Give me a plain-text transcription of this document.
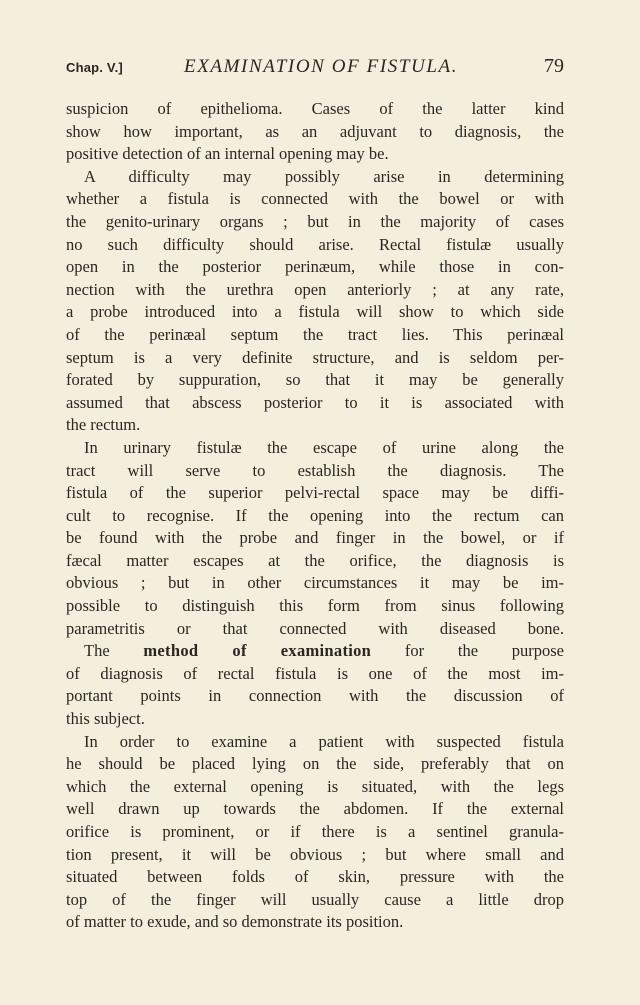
Chap. V.]	EXAMINATION OF FISTULA.	79
suspicion of epithelioma. Cases of the latter kind
show how important, as an adjuvant to diagnosis, the
positive detection of an internal opening may be.
A difficulty may possibly arise in determining
whether a fistula is connected with the bowel or with
the genito-urinary organs ; but in the majority of cases
no such difficulty should arise. Rectal fistulæ usually
open in the posterior perinæum, while those in con-
nection with the urethra open anteriorly ; at any rate,
a probe introduced into a fistula will show to which side
of the perinæal septum the tract lies. This perinæal
septum is a very definite structure, and is seldom per-
forated by suppuration, so that it may be generally
assumed that abscess posterior to it is associated with
the rectum.
In urinary fistulæ the escape of urine along the
tract will serve to establish the diagnosis. The
fistula of the superior pelvi-rectal space may be diffi-
cult to recognise. If the opening into the rectum can
be found with the probe and finger in the bowel, or if
fæcal matter escapes at the orifice, the diagnosis is
obvious ; but in other circumstances it may be im-
possible to distinguish this form from sinus following
parametritis or that connected with diseased bone.
The method of examination for the purpose
of diagnosis of rectal fistula is one of the most im-
portant points in connection with the discussion of
this subject.
In order to examine a patient with suspected fistula
he should be placed lying on the side, preferably that on
which the external opening is situated, with the legs
well drawn up towards the abdomen. If the external
orifice is prominent, or if there is a sentinel granula-
tion present, it will be obvious ; but where small and
situated between folds of skin, pressure with the
top of the finger will usually cause a little drop
of matter to exude, and so demonstrate its position.
